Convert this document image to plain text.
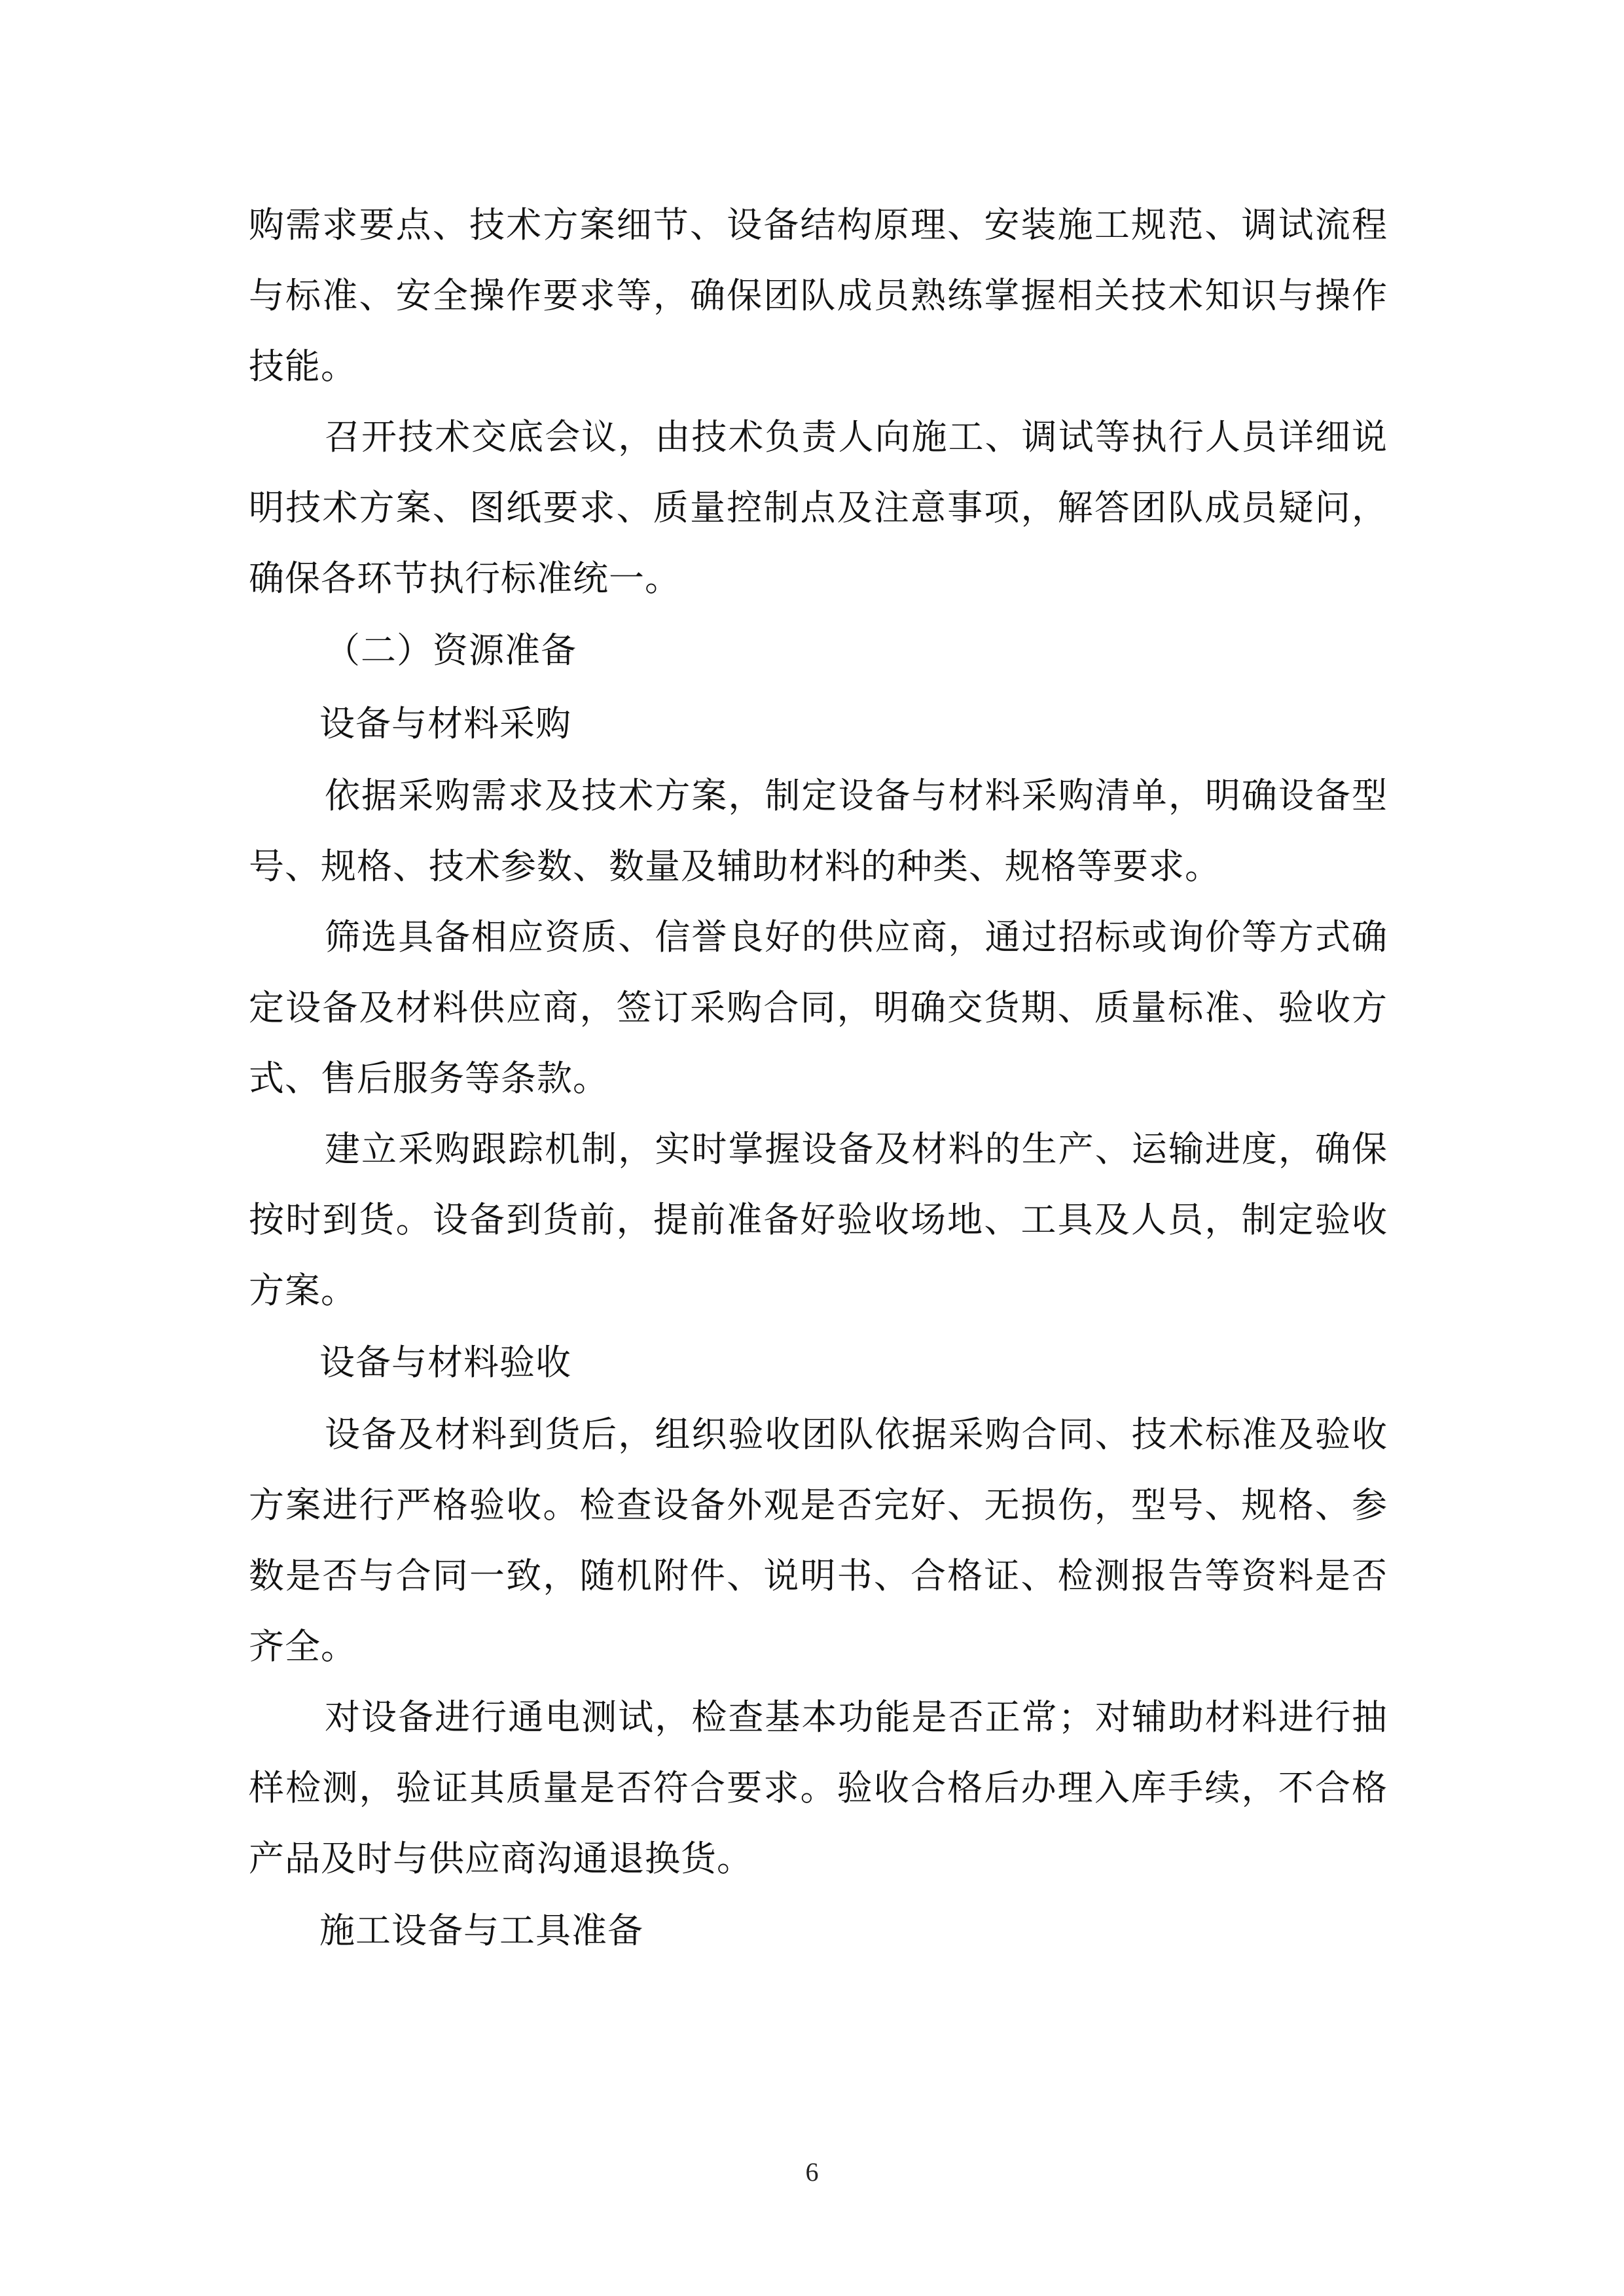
购需求要点、技术方案细节、设备结构原理、安装施工规范、调试流程与标准、安全操作要求等，确保团队成员熟练掌握相关技术知识与操作技能。

召开技术交底会议，由技术负责人向施工、调试等执行人员详细说明技术方案、图纸要求、质量控制点及注意事项，解答团队成员疑问，确保各环节执行标准统一。

（二）资源准备

设备与材料采购

依据采购需求及技术方案，制定设备与材料采购清单，明确设备型号、规格、技术参数、数量及辅助材料的种类、规格等要求。

筛选具备相应资质、信誉良好的供应商，通过招标或询价等方式确定设备及材料供应商，签订采购合同，明确交货期、质量标准、验收方式、售后服务等条款。

建立采购跟踪机制，实时掌握设备及材料的生产、运输进度，确保按时到货。设备到货前，提前准备好验收场地、工具及人员，制定验收方案。

设备与材料验收

设备及材料到货后，组织验收团队依据采购合同、技术标准及验收方案进行严格验收。检查设备外观是否完好、无损伤，型号、规格、参数是否与合同一致，随机附件、说明书、合格证、检测报告等资料是否齐全。

对设备进行通电测试，检查基本功能是否正常；对辅助材料进行抽样检测，验证其质量是否符合要求。验收合格后办理入库手续，不合格产品及时与供应商沟通退换货。

施工设备与工具准备

6
